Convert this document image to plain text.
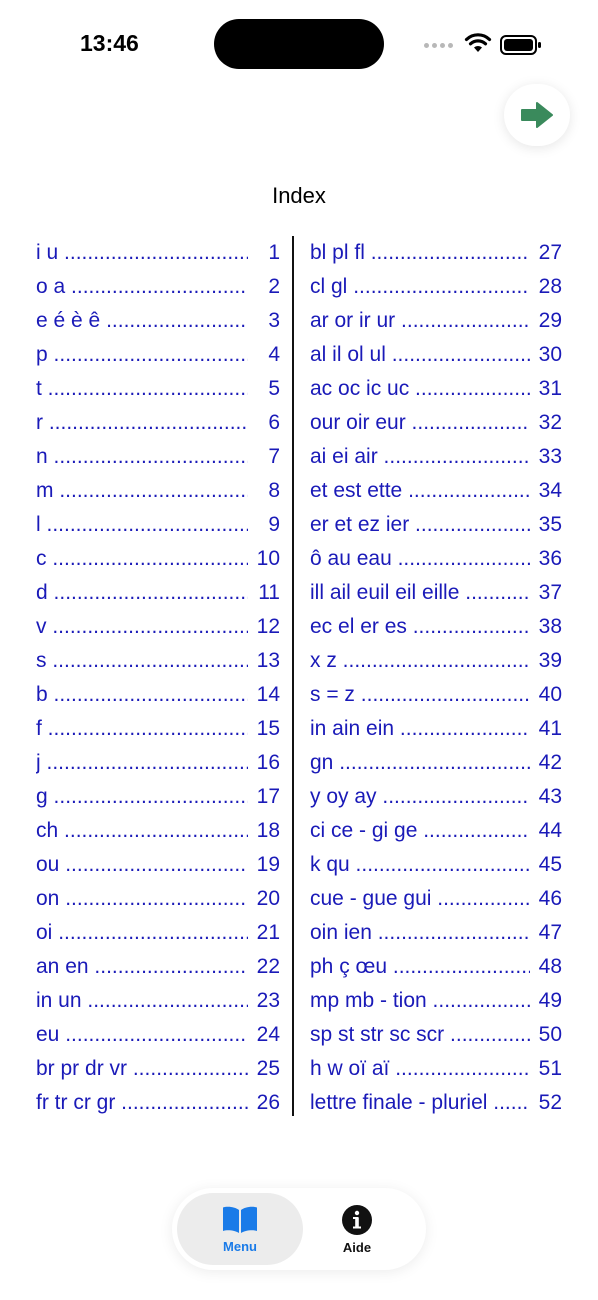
13:46
Index
i u .....	1
o a .....	2
e é è ê .....	3
p .....	4
t .....	5
r .....	6
n .....	7
m .....	8
l .....	9
c .....	10
d .....	11
v .....	12
s .....	13
b .....	14
f .....	15
j .....	16
g .....	17
ch .....	18
ou .....	19
on .....	20
oi .....	21
an en .....	22
in un .....	23
eu .....	24
br pr dr vr .....	25
fr tr cr gr .....	26
bl pl fl .....	27
cl gl .....	28
ar or ir ur .....	29
al il ol ul .....	30
ac oc ic uc .....	31
our oir eur .....	32
ai ei air .....	33
et est ette .....	34
er et ez ier .....	35
ô au eau .....	36
ill ail euil eil eille .....	37
ec el er es .....	38
x z .....	39
s = z .....	40
in ain ein .....	41
gn .....	42
y oy ay .....	43
ci ce - gi ge .....	44
k qu .....	45
cue - gue gui .....	46
oin ien .....	47
ph ç œu .....	48
mp mb - tion .....	49
sp st str sc scr .....	50
h w oï aï .....	51
lettre finale - pluriel .....	52
Menu	Aide
